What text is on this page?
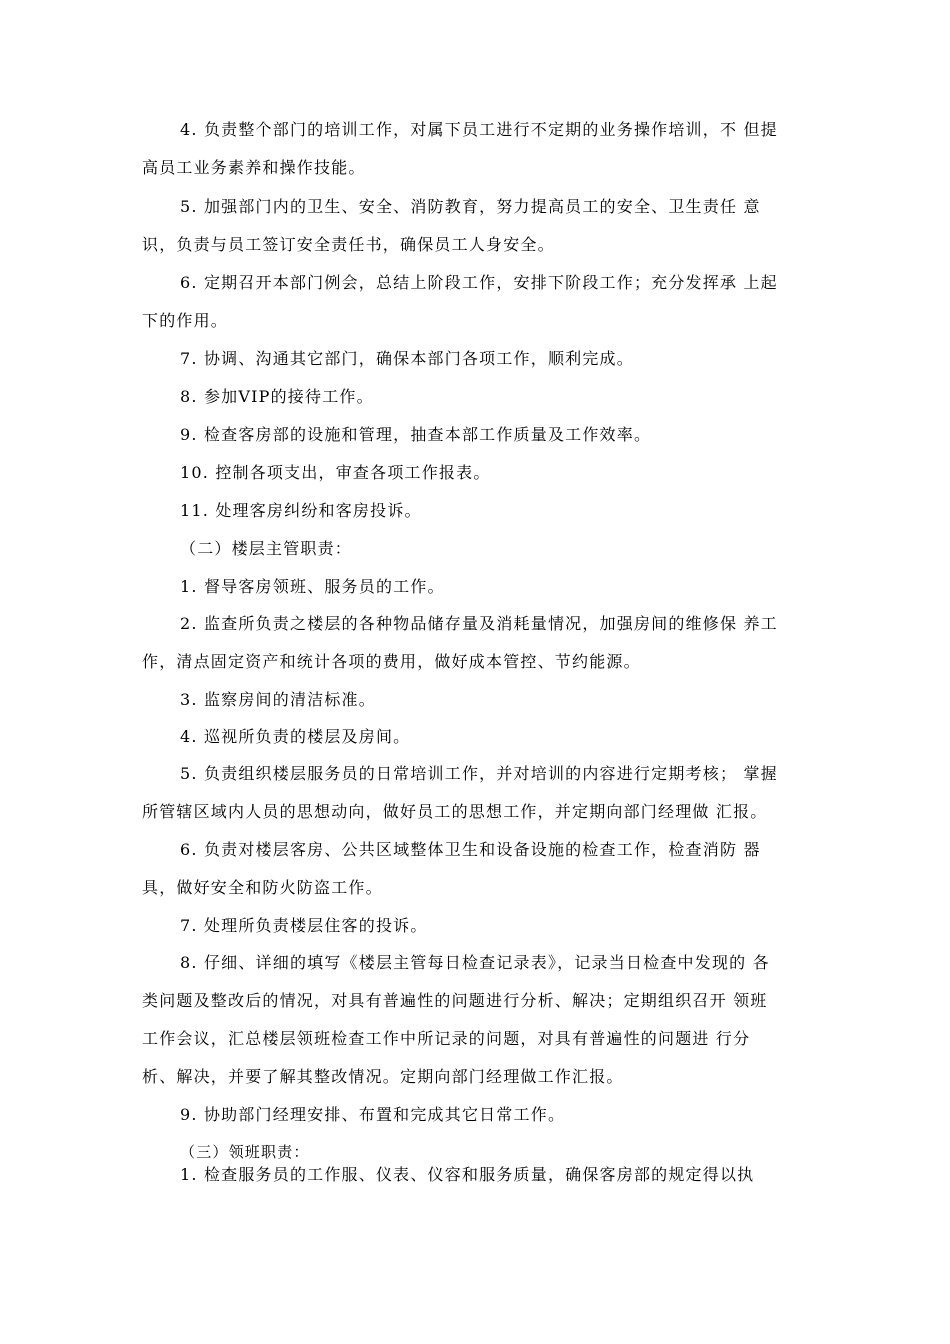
4. 负责整个部门的培训工作，对属下员工进行不定期的业务操作培训，不 但提
高员工业务素养和操作技能。
5. 加强部门内的卫生、安全、消防教育，努力提高员工的安全、卫生责任 意
识，负责与员工签订安全责任书，确保员工人身安全。
6. 定期召开本部门例会，总结上阶段工作，安排下阶段工作；充分发挥承 上起
下的作用。
7. 协调、沟通其它部门，确保本部门各项工作，顺利完成。
8. 参加VIP的接待工作。
9. 检查客房部的设施和管理，抽查本部工作质量及工作效率。
10. 控制各项支出，审查各项工作报表。
11. 处理客房纠纷和客房投诉。
（二）楼层主管职责：
1. 督导客房领班、服务员的工作。
2. 监查所负责之楼层的各种物品储存量及消耗量情况，加强房间的维修保 养工
作，清点固定资产和统计各项的费用，做好成本管控、节约能源。
3. 监察房间的清洁标准。
4. 巡视所负责的楼层及房间。
5. 负责组织楼层服务员的日常培训工作，并对培训的内容进行定期考核； 掌握
所管辖区域内人员的思想动向，做好员工的思想工作，并定期向部门经理做 汇报。
6. 负责对楼层客房、公共区域整体卫生和设备设施的检查工作，检查消防 器
具，做好安全和防火防盗工作。
7. 处理所负责楼层住客的投诉。
8. 仔细、详细的填写《楼层主管每日检查记录表》，记录当日检查中发现的 各
类问题及整改后的情况，对具有普遍性的问题进行分析、解决；定期组织召开 领班
工作会议，汇总楼层领班检查工作中所记录的问题，对具有普遍性的问题进 行分
析、解决，并要了解其整改情况。定期向部门经理做工作汇报。
9. 协助部门经理安排、布置和完成其它日常工作。
（三）领班职责：
1. 检查服务员的工作服、仪表、仪容和服务质量，确保客房部的规定得以执
